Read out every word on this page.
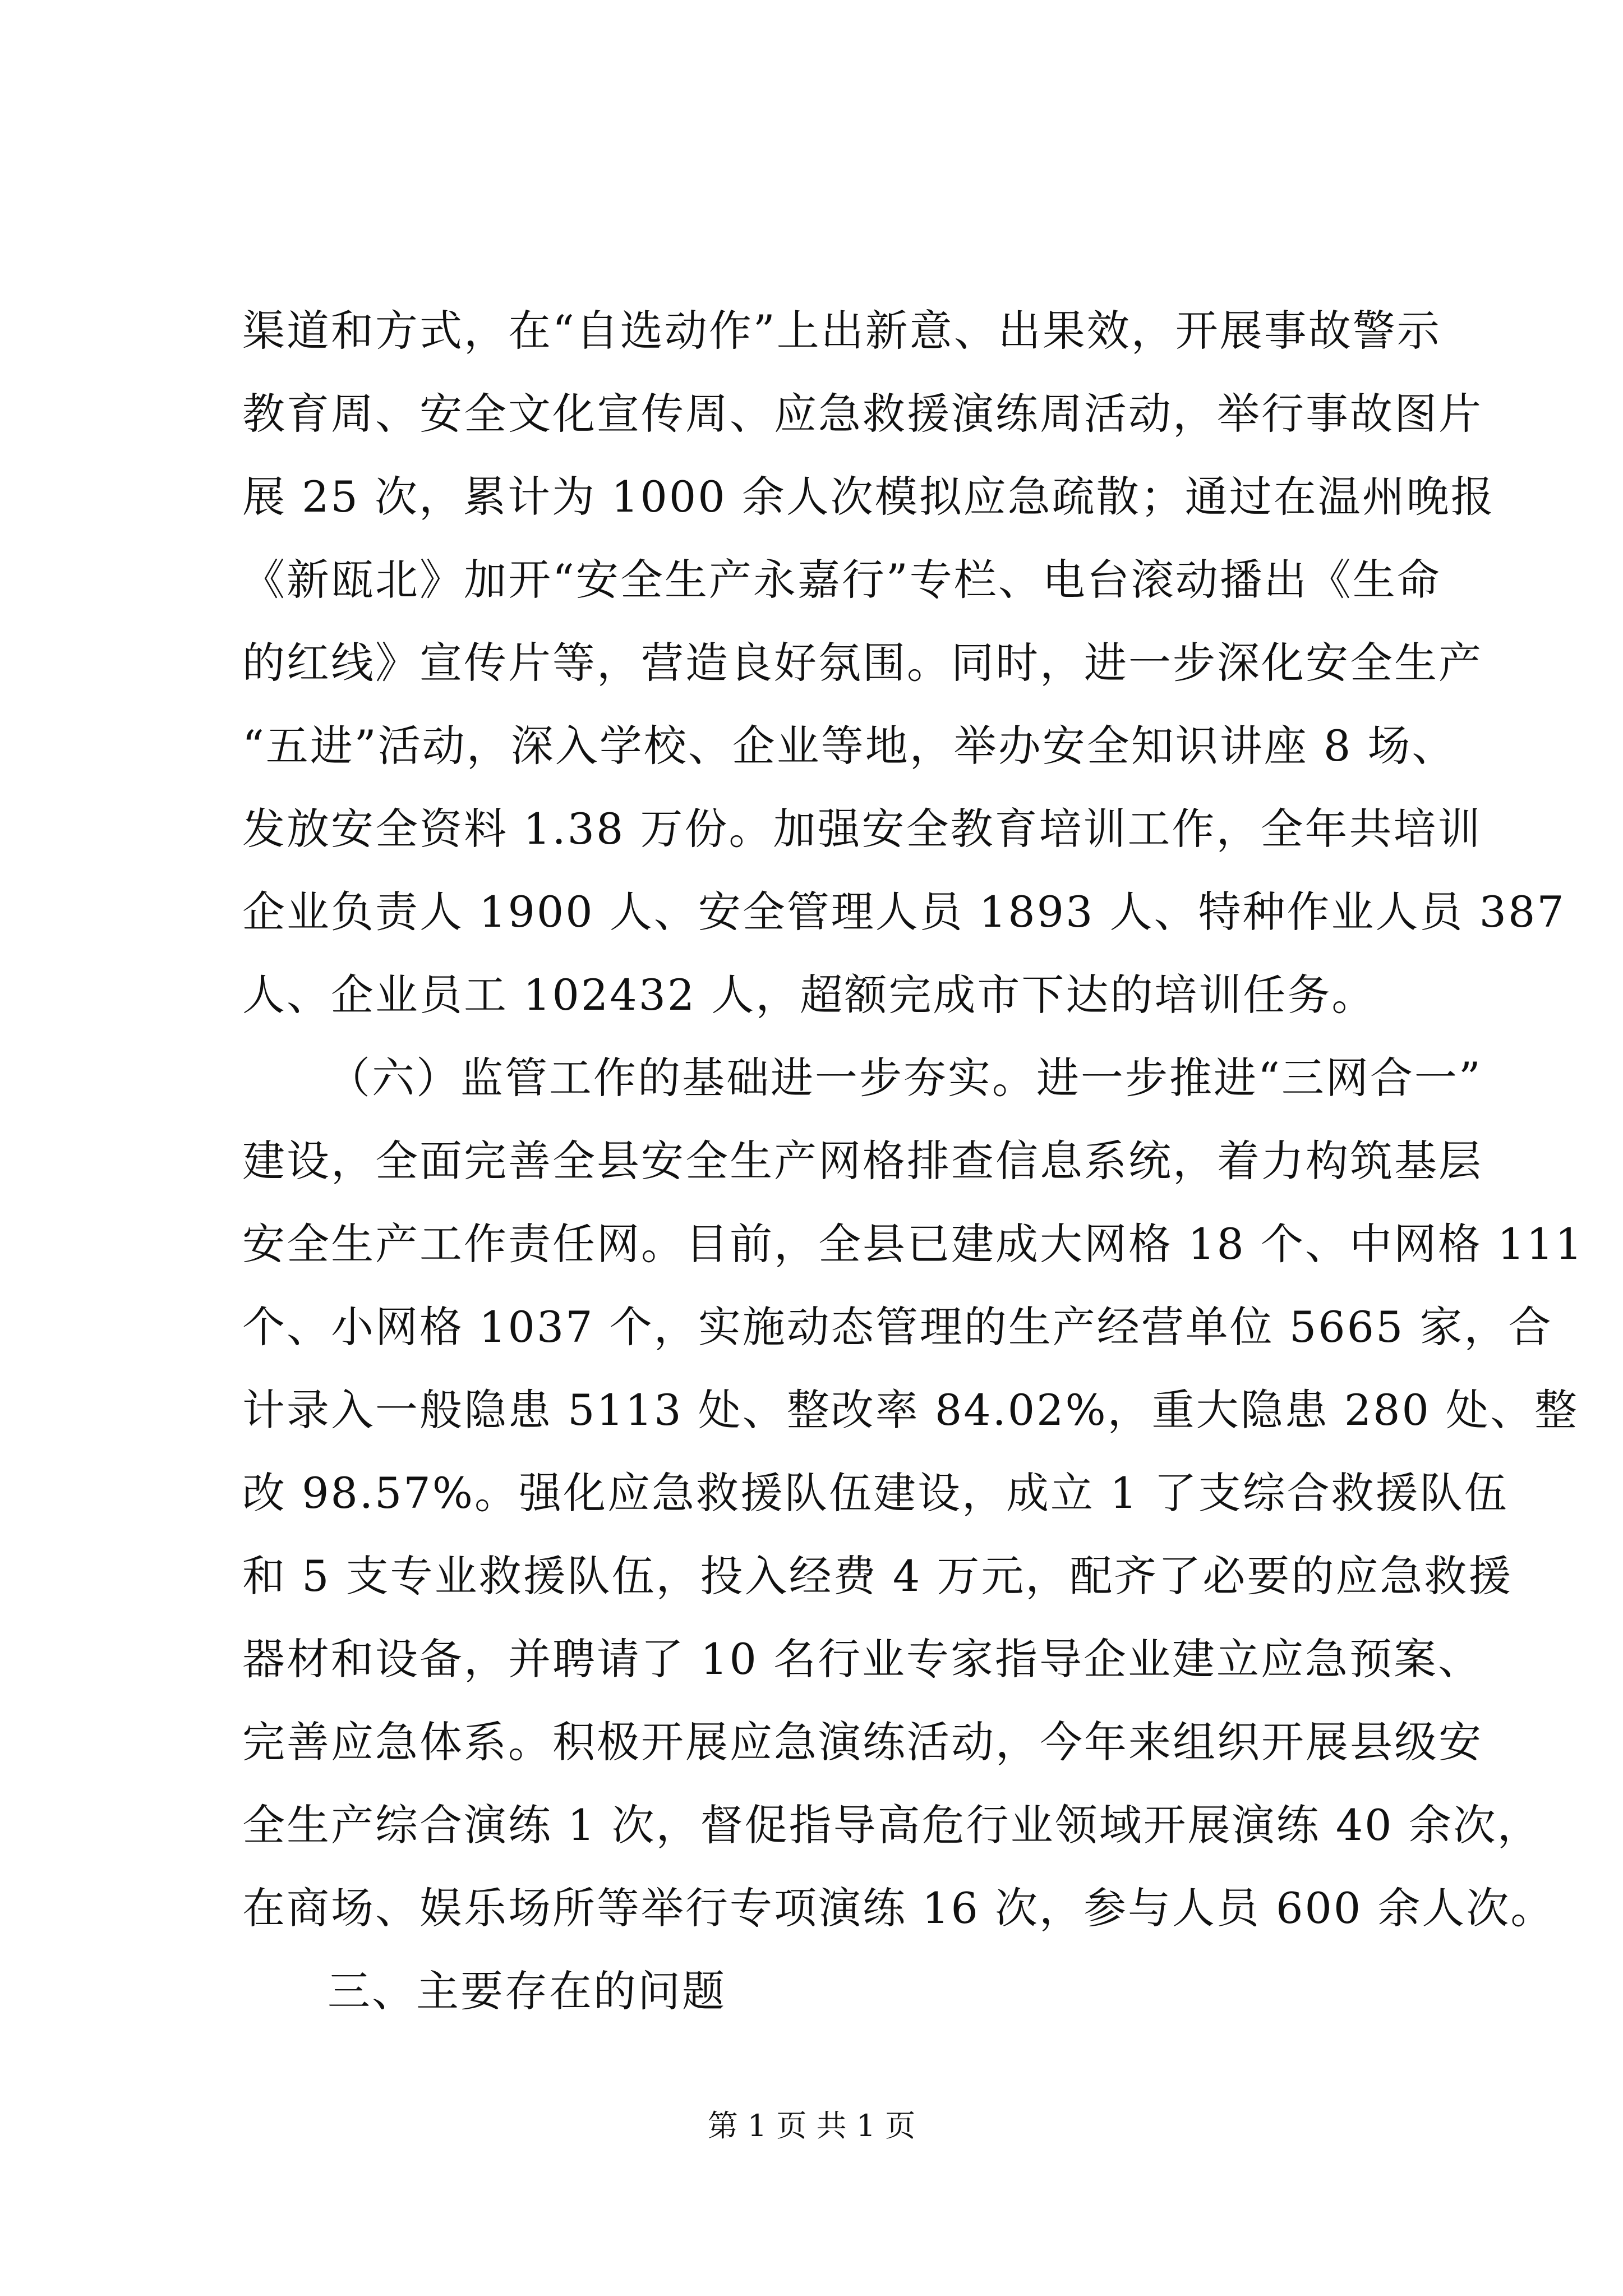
渠道和方式，在“自选动作”上出新意、出果效，开展事故警示
教育周、安全文化宣传周、应急救援演练周活动，举行事故图片
展 25 次，累计为 1000 余人次模拟应急疏散；通过在温州晚报
《新瓯北》加开“安全生产永嘉行”专栏、电台滚动播出《生命
的红线》宣传片等，营造良好氛围。同时，进一步深化安全生产
“五进”活动，深入学校、企业等地，举办安全知识讲座 8 场、
发放安全资料 1.38 万份。加强安全教育培训工作，全年共培训
企业负责人 1900 人、安全管理人员 1893 人、特种作业人员 387
人、企业员工 102432 人，超额完成市下达的培训任务。
（六）监管工作的基础进一步夯实。进一步推进“三网合一”
建设，全面完善全县安全生产网格排查信息系统，着力构筑基层
安全生产工作责任网。目前，全县已建成大网格 18 个、中网格 111
个、小网格 1037 个，实施动态管理的生产经营单位 5665 家，合
计录入一般隐患 5113 处、整改率 84.02%，重大隐患 280 处、整
改 98.57%。强化应急救援队伍建设，成立 1 了支综合救援队伍
和 5 支专业救援队伍，投入经费 4 万元，配齐了必要的应急救援
器材和设备，并聘请了 10 名行业专家指导企业建立应急预案、
完善应急体系。积极开展应急演练活动，今年来组织开展县级安
全生产综合演练 1 次，督促指导高危行业领域开展演练 40 余次，
在商场、娱乐场所等举行专项演练 16 次，参与人员 600 余人次。
三、主要存在的问题
第 1 页 共 1 页
